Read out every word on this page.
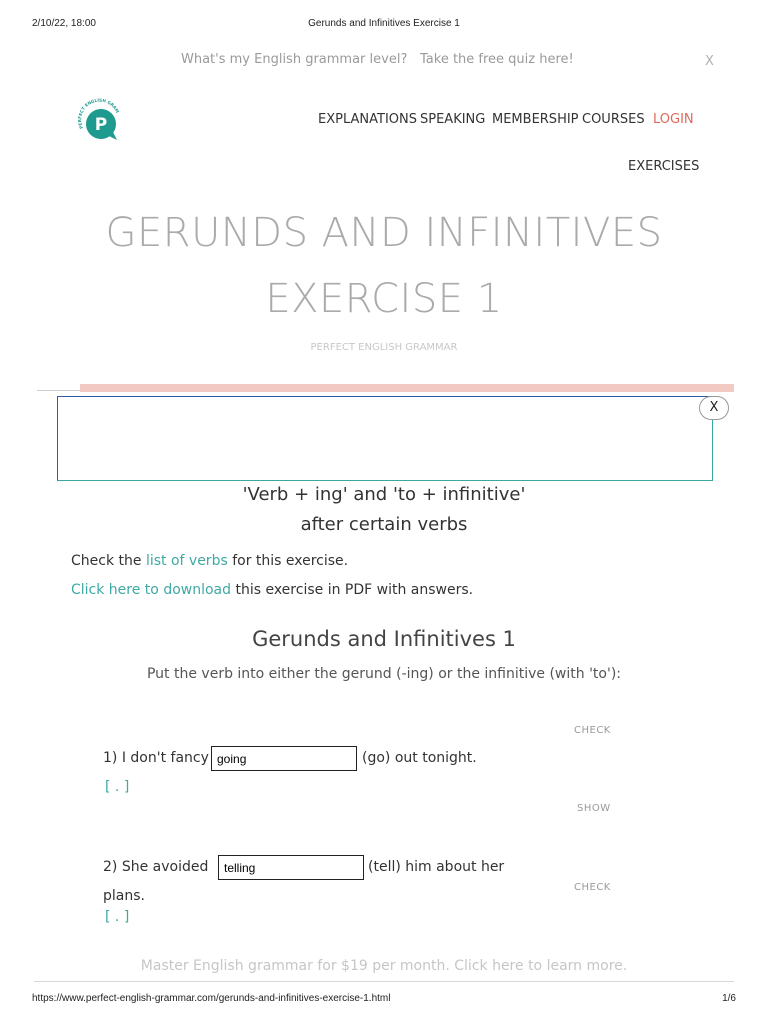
2/10/22, 18:00	Gerunds and Infinitives Exercise 1
What's my English grammar level? Take the free quiz here!	X
PERFECT ENGLISH GRAM
P	EXPLANATIONS SPEAKING MEMBERSHIP COURSES LOGIN
EXERCISES
GERUNDS AND INFINITIVES
EXERCISE 1
PERFECT ENGLISH GRAMMAR
X
'Verb + ing' and 'to + infinitive'
after certain verbs
Check the list of verbs for this exercise.
Click here to download this exercise in PDF with answers.
Gerunds and Infinitives 1
Put the verb into either the gerund (-ing) or the infinitive (with 'to'):
CHECK
1) I don't fancy
going	(go) out tonight.
[ . ]
SHOW
2) She avoided
telling	(tell) him about her
plans.
CHECK
[ . ]
Master English grammar for $19 per month. Click here to learn more.
https://www.perfect-english-grammar.com/gerunds-and-infinitives-exercise-1.html	1/6
